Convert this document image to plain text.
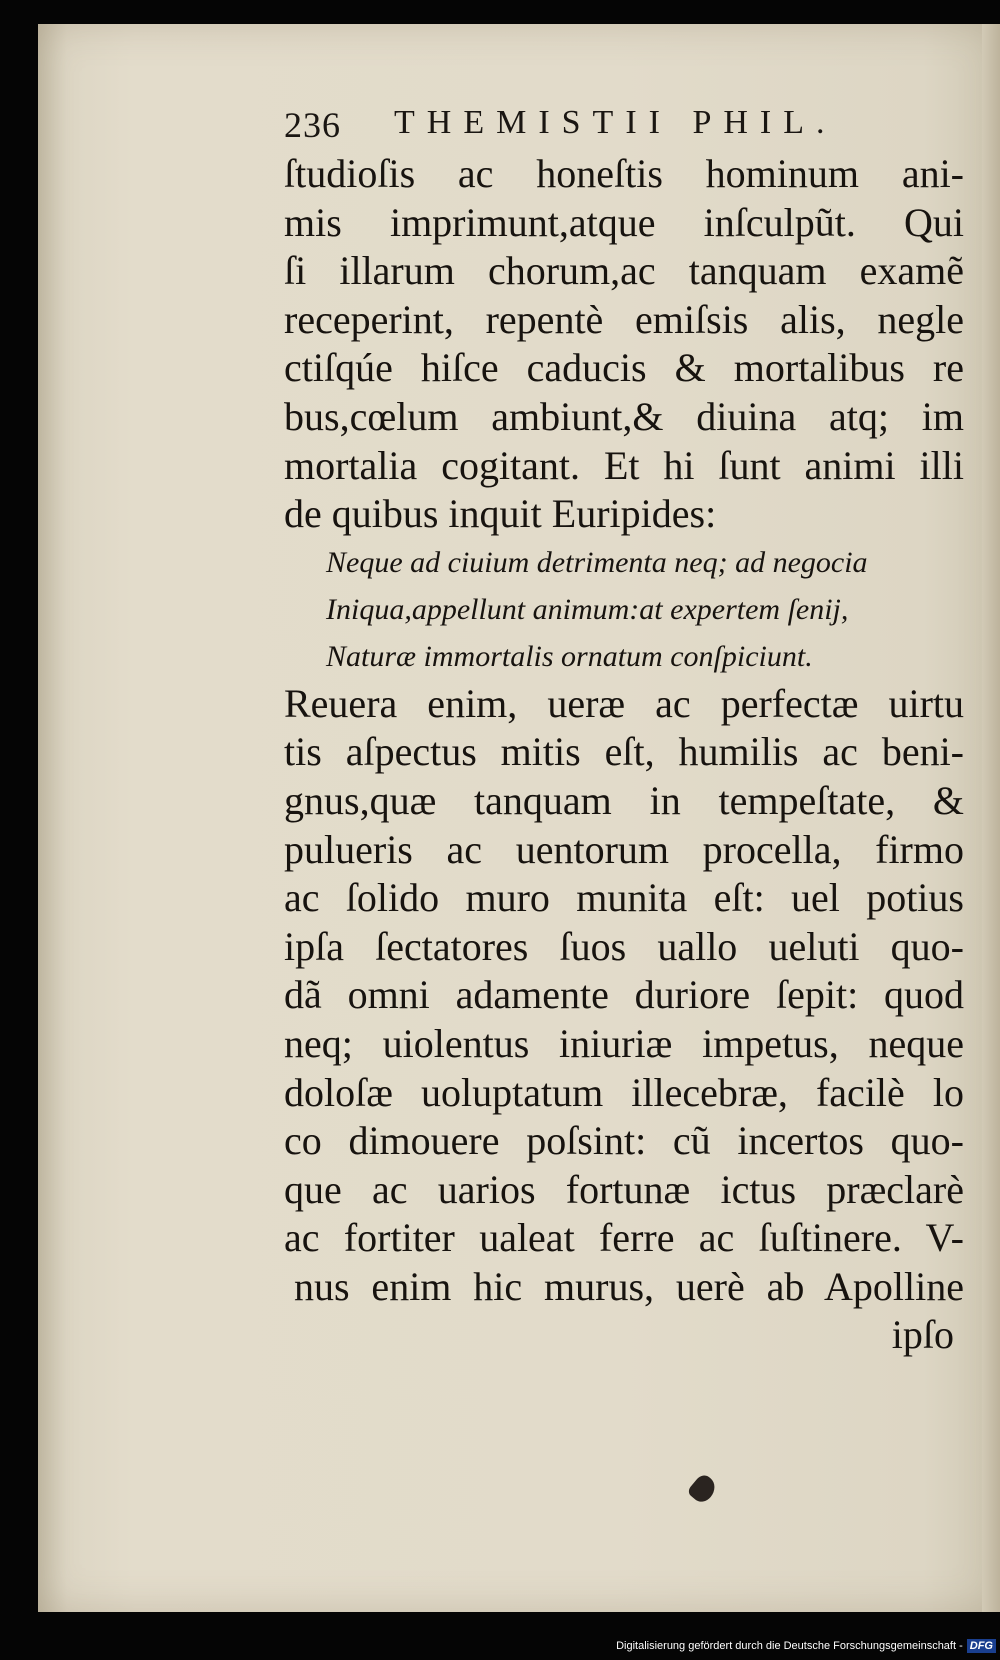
236 THEMISTII PHIL.
ſtudioſis ac honeſtis hominum ani-
mis imprimunt,atque inſculpũt. Qui
ſi illarum chorum,ac tanquam examẽ
receperint, repentè emiſsis alis, negle
ctiſqúe hiſce caducis & mortalibus re
bus,cœlum ambiunt,& diuina atq; im
mortalia cogitant. Et hi ſunt animi illi
de quibus inquit Euripides:
Neque ad ciuium detrimenta neq; ad negocia
Iniqua,appellunt animum:at expertem ſenij,
Naturæ immortalis ornatum conſpiciunt.
Reuera enim, ueræ ac perfectæ uirtu
tis aſpectus mitis eſt, humilis ac beni-
gnus,quæ tanquam in tempeſtate, &
pulueris ac uentorum procella, firmo
ac ſolido muro munita eſt: uel potius
ipſa ſectatores ſuos uallo ueluti quo-
dã omni adamente duriore ſepit: quod
neq; uiolentus iniuriæ impetus, neque
doloſæ uoluptatum illecebræ, facilè lo
co dimouere poſsint: cũ incertos quo-
que ac uarios fortunæ ictus præclarè
ac fortiter ualeat ferre ac ſuſtinere. V-
nus enim hic murus, uerè ab Apolline
ipſo
Digitalisierung gefördert durch die Deutsche Forschungsgemeinschaft - DFG
